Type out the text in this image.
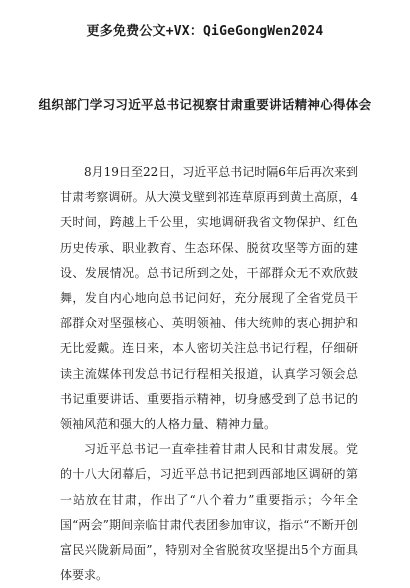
更多免费公文+VX：QiGeGongWen2024
组织部门学习习近平总书记视察甘肃重要讲话精神心得体会

8月19日至22日，习近平总书记时隔6年后再次来到甘肃考察调研。从大漠戈壁到祁连草原再到黄土高原，4天时间，跨越上千公里，实地调研我省文物保护、红色历史传承、职业教育、生态环保、脱贫攻坚等方面的建设、发展情况。总书记所到之处，干部群众无不欢欣鼓舞，发自内心地向总书记问好，充分展现了全省党员干部群众对坚强核心、英明领袖、伟大统帅的衷心拥护和无比爱戴。连日来，本人密切关注总书记行程，仔细研读主流媒体刊发总书记行程相关报道，认真学习领会总书记重要讲话、重要指示精神，切身感受到了总书记的领袖风范和强大的人格力量、精神力量。

习近平总书记一直牵挂着甘肃人民和甘肃发展。党的十八大闭幕后，习近平总书记把到西部地区调研的第一站放在甘肃，作出了“八个着力”重要指示；今年全国“两会”期间亲临甘肃代表团参加审议，指示“不断开创富民兴陇新局面”，特别对全省脱贫攻坚提出5个方面具体要求。
